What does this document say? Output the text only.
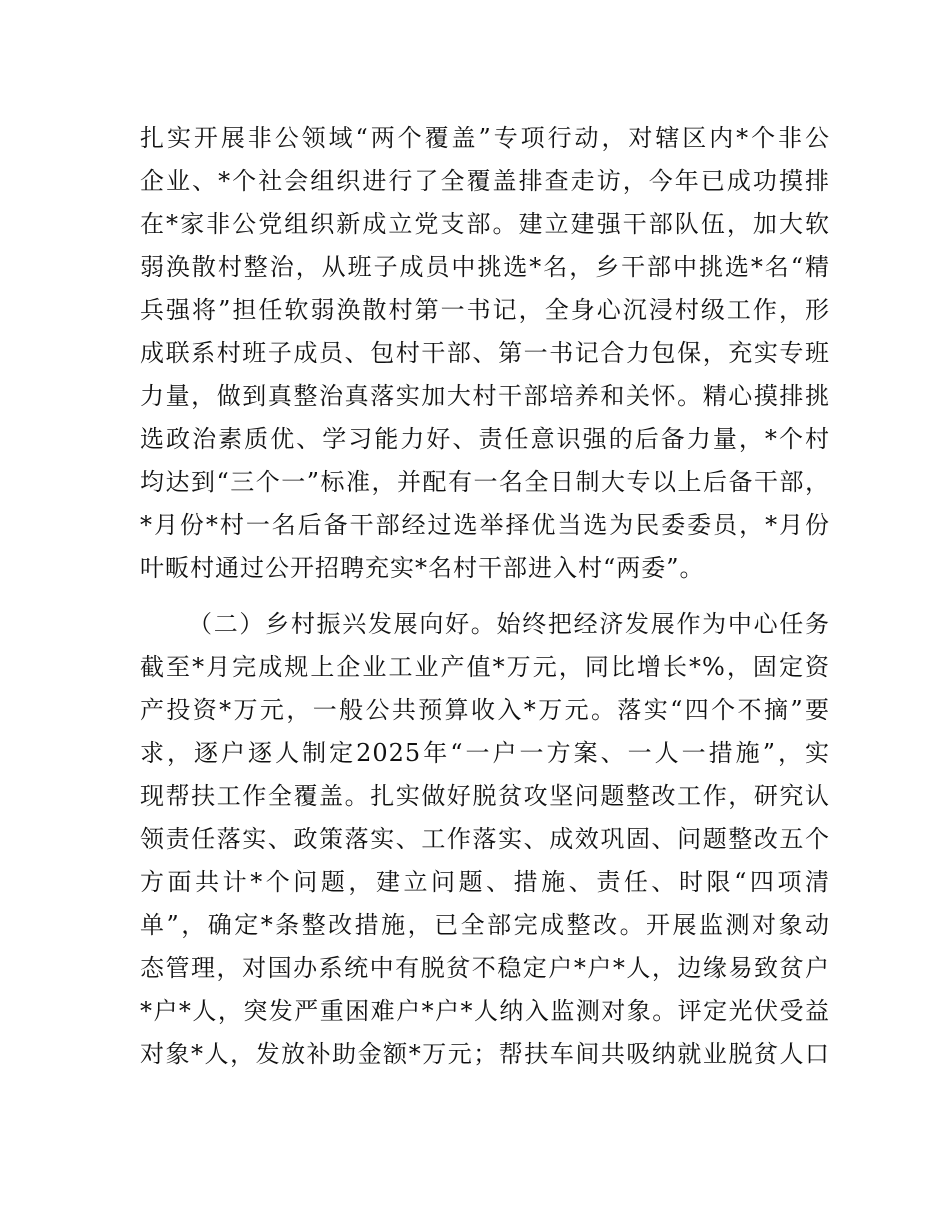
扎实开展非公领域“两个覆盖”专项行动，对辖区内*个非公
企业、*个社会组织进行了全覆盖排查走访，今年已成功摸排
在*家非公党组织新成立党支部。建立建强干部队伍，加大软
弱涣散村整治，从班子成员中挑选*名，乡干部中挑选*名“精
兵强将”担任软弱涣散村第一书记，全身心沉浸村级工作，形
成联系村班子成员、包村干部、第一书记合力包保，充实专班
力量，做到真整治真落实加大村干部培养和关怀。精心摸排挑
选政治素质优、学习能力好、责任意识强的后备力量，*个村
均达到“三个一”标准，并配有一名全日制大专以上后备干部，
*月份*村一名后备干部经过选举择优当选为民委委员，*月份
叶畈村通过公开招聘充实*名村干部进入村“两委”。
（二）乡村振兴发展向好。始终把经济发展作为中心任务
截至*月完成规上企业工业产值*万元，同比增长*%，固定资
产投资*万元，一般公共预算收入*万元。落实“四个不摘”要
求，逐户逐人制定2025年“一户一方案、一人一措施”，实
现帮扶工作全覆盖。扎实做好脱贫攻坚问题整改工作，研究认
领责任落实、政策落实、工作落实、成效巩固、问题整改五个
方面共计*个问题，建立问题、措施、责任、时限“四项清
单”，确定*条整改措施，已全部完成整改。开展监测对象动
态管理，对国办系统中有脱贫不稳定户*户*人，边缘易致贫户
*户*人，突发严重困难户*户*人纳入监测对象。评定光伏受益
对象*人，发放补助金额*万元；帮扶车间共吸纳就业脱贫人口
